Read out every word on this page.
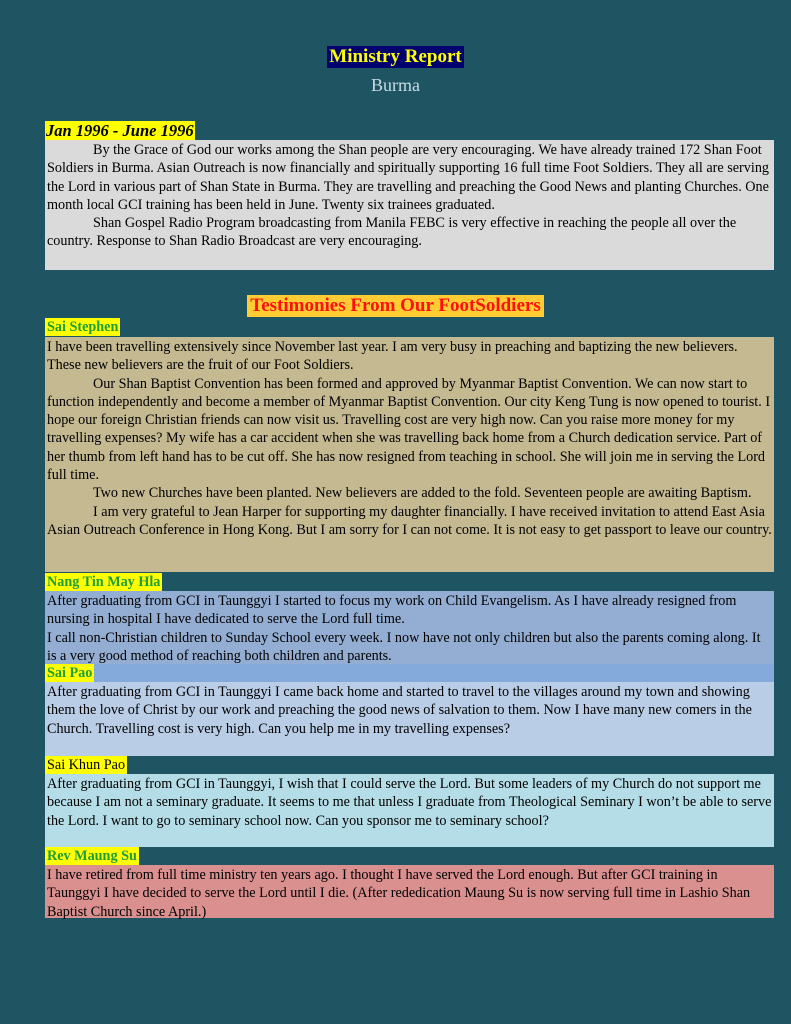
Ministry Report
Burma
Jan 1996 - June 1996

By the Grace of God our works among the Shan people are very encouraging. We have already trained 172 Shan Foot Soldiers in Burma. Asian Outreach is now financially and spiritually supporting 16 full time Foot Soldiers. They all are serving the Lord in various part of Shan State in Burma. They are travelling and preaching the Good News and planting Churches. One month local GCI training has been held in June. Twenty six trainees graduated.

Shan Gospel Radio Program broadcasting from Manila FEBC is very effective in reaching the people all over the country. Response to Shan Radio Broadcast are very encouraging.

Testimonies From Our FootSoldiers
Sai Stephen

I have been travelling extensively since November last year. I am very busy in preaching and baptizing the new believers. These new believers are the fruit of our Foot Soldiers.

Our Shan Baptist Convention has been formed and approved by Myanmar Baptist Convention. We can now start to function independently and become a member of Myanmar Baptist Convention. Our city Keng Tung is now opened to tourist. I hope our foreign Christian friends can now visit us. Travelling cost are very high now. Can you raise more money for my travelling expenses? My wife has a car accident when she was travelling back home from a Church dedication service. Part of her thumb from left hand has to be cut off. She has now resigned from teaching in school. She will join me in serving the Lord full time.

Two new Churches have been planted. New believers are added to the fold. Seventeen people are awaiting Baptism.

I am very grateful to Jean Harper for supporting my daughter financially. I have received invitation to attend East Asia Asian Outreach Conference in Hong Kong. But I am sorry for I can not come. It is not easy to get passport to leave our country.

Nang Tin May Hla

After graduating from GCI in Taunggyi I started to focus my work on Child Evangelism. As I have already resigned from nursing in hospital I have dedicated to serve the Lord full time.

I call non-Christian children to Sunday School every week. I now have not only children but also the parents coming along. It is a very good method of reaching both children and parents.

Sai Pao

After graduating from GCI in Taunggyi I came back home and started to travel to the villages around my town and showing them the love of Christ by our work and preaching the good news of salvation to them. Now I have many new comers in the Church. Travelling cost is very high. Can you help me in my travelling expenses?

Sai Khun Pao

After graduating from GCI in Taunggyi, I wish that I could serve the Lord. But some leaders of my Church do not support me because I am not a seminary graduate. It seems to me that unless I graduate from Theological Seminary I won’t be able to serve the Lord. I want to go to seminary school now. Can you sponsor me to seminary school?

Rev Maung Su

I have retired from full time ministry ten years ago. I thought I have served the Lord enough. But after GCI training in Taunggyi I have decided to serve the Lord until I die. (After rededication Maung Su is now serving full time in Lashio Shan Baptist Church since April.)
